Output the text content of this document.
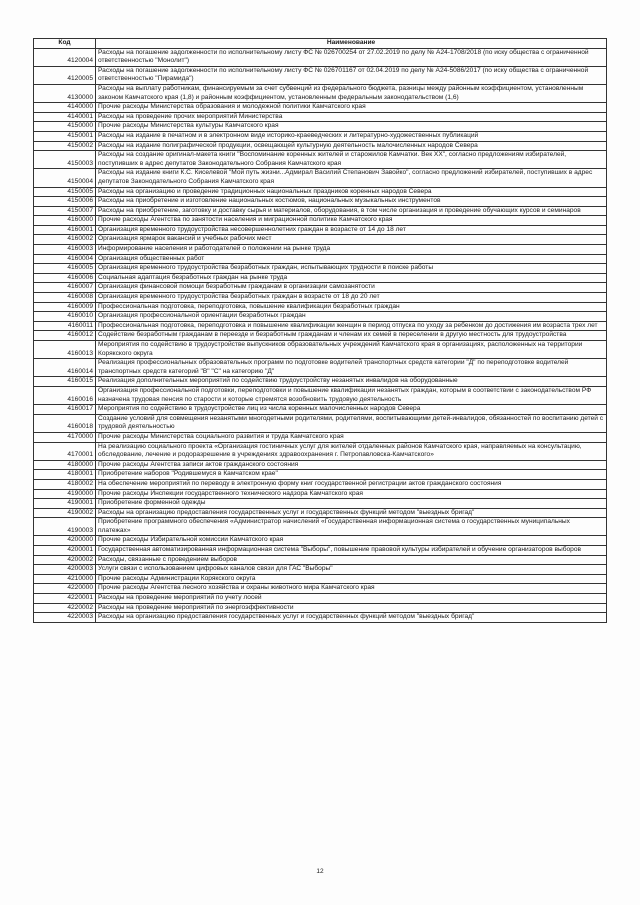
Код	Наименование
4120004	Расходы на погашение задолженности по исполнительному листу ФС № 026700254 от 27.02.2019 по делу № А24-1708/2018 (по иску общества с ограниченной ответственностью "Монолит")
4120005	Расходы на погашение задолженности по исполнительному листу ФС № 026701167 от 02.04.2019 по делу № А24-5086/2017 (по иску общества с ограниченной ответственностью "Пирамида")
4130000	Расходы на выплату работникам, финансируемым за счет субвенций из федерального бюджета, разницы между районным коэффициентом, установленным законом Камчатского края (1,8) и районным коэффициентом, установленным федеральным законодательством (1,6)
4140000	Прочие расходы Министерства образования и молодежной политики Камчатского края
4140001	Расходы на проведение прочих мероприятий Министерства
4150000	Прочие расходы Министерства культуры Камчатского края
4150001	Расходы на издание в печатном и в электронном виде историко-краеведческих и литературно-художественных публикаций
4150002	Расходы на издание полиграфической продукции, освещающей культурную деятельность малочисленных народов Севера
4150003	Расходы на создание оригинал-макета книги "Воспоминание коренных жителей и старожилов Камчатки. Век ХХ", согласно предложениям избирателей, поступивших в адрес депутатов Законодательного Собрания Камчатского края
4150004	Расходы на издание книги К.С. Киселевой "Мой путь жизни...Адмирал Василий Степанович Завойко", согласно предложений избирателей, поступивших в адрес депутатов Законодательного Собрания Камчатского края
4150005	Расходы на организацию и проведение традиционных национальных праздников коренных народов Севера
4150006	Расходы на приобретение и изготовление национальных костюмов, национальных музыкальных инструментов
4150007	Расходы на приобретение, заготовку и доставку сырья и материалов, оборудования, в том числе организация и проведение обучающих курсов и семинаров
4160000	Прочие расходы Агентства по занятости населения и миграционной политике Камчатского края
4160001	Организация временного трудоустройства несовершеннолетних граждан в возрасте от 14 до 18 лет
4160002	Организация ярмарок вакансий и учебных рабочих мест
4160003	Информирование населения и работодателей о положении на рынке труда
4160004	Организация общественных работ
4160005	Организация временного трудоустройства безработных граждан, испытывающих трудности в поиске работы
4160006	Социальная адаптация безработных граждан на рынке труда
4160007	Организация финансовой помощи безработным гражданам в организации самозанятости
4160008	Организация временного трудоустройства безработных граждан в возрасте от 18 до 20 лет
4160009	Профессиональная подготовка, переподготовка, повышение квалификации безработных граждан
4160010	Организация профессиональной ориентации безработных граждан
4160011	Профессиональная подготовка, переподготовка и повышение квалификации женщин в период отпуска по уходу за ребенком до достижения им возраста трех лет
4160012	Содействие безработным гражданам в переезде и безработным гражданам и членам их семей в переселении в другую местность для трудоустройства
4160013	Мероприятия по содействию в трудоустройстве выпускников образовательных учреждений Камчатского края в организациях, расположенных на территории Корякского округа
4160014	Реализация профессиональных образовательных программ по подготовке водителей транспортных средств категории "Д" по переподготовке водителей транспортных средств категорий "В" "С" на категорию "Д"
4160015	Реализация дополнительных мероприятий по содействию трудоустройству незанятых инвалидов на оборудованные
4160016	Организация профессиональной подготовки, переподготовки и повышение квалификации незанятых граждан, которым в соответствии с законодательством РФ назначена трудовая пенсия по старости и которые стремятся возобновить трудовую деятельность
4160017	Мероприятия по содействию в трудоустройстве лиц из числа коренных малочисленных народов Севера
4160018	Создание условий для совмещения незанятыми многодетными родителями, родителями, воспитывающими детей-инвалидов, обязанностей по воспитанию детей с трудовой деятельностью
4170000	Прочие расходы Министерства социального развития и труда Камчатского края
4170001	На реализацию социального проекта «Организация гостиничных услуг для жителей отдаленных районов Камчатского края, направляемых на консультацию, обследование, лечение и родоразрешение в учреждениях здравоохранения г. Петропавловска-Камчатского»
4180000	Прочие расходы Агентства записи актов гражданского состояния
4180001	Приобретение наборов "Родившемуся в Камчатском крае"
4180002	На обеспечение мероприятий по переводу в электронную форму книг государственной регистрации актов гражданского состояния
4190000	Прочие расходы Инспекции государственного технического надзора Камчатского края
4190001	Приобретение форменной одежды
4190002	Расходы на организацию предоставления государственных услуг и государственных функций методом "выездных бригад"
4190003	Приобретение программного обеспечения «Администратор начислений «Государственная информационная система о государственных муниципальных платежах»
4200000	Прочие расходы Избирательной комиссии Камчатского края
4200001	Государственная автоматизированная информационная система "Выборы", повышение правовой культуры избирателей и обучение организаторов выборов
4200002	Расходы, связанные с проведением выборов
4200003	Услуги связи с использованием цифровых каналов связи для ГАС "Выборы"
4210000	Прочие расходы Администрации Корякского округа
4220000	Прочие расходы Агентства лесного хозяйства и охраны животного мира Камчатского края
4220001	Расходы на проведение мероприятий по учету лосей
4220002	Расходы на проведение мероприятий по энергоэффективности
4220003	Расходы на организацию предоставления государственных услуг и государственных функций методом "выездных бригад"
12
